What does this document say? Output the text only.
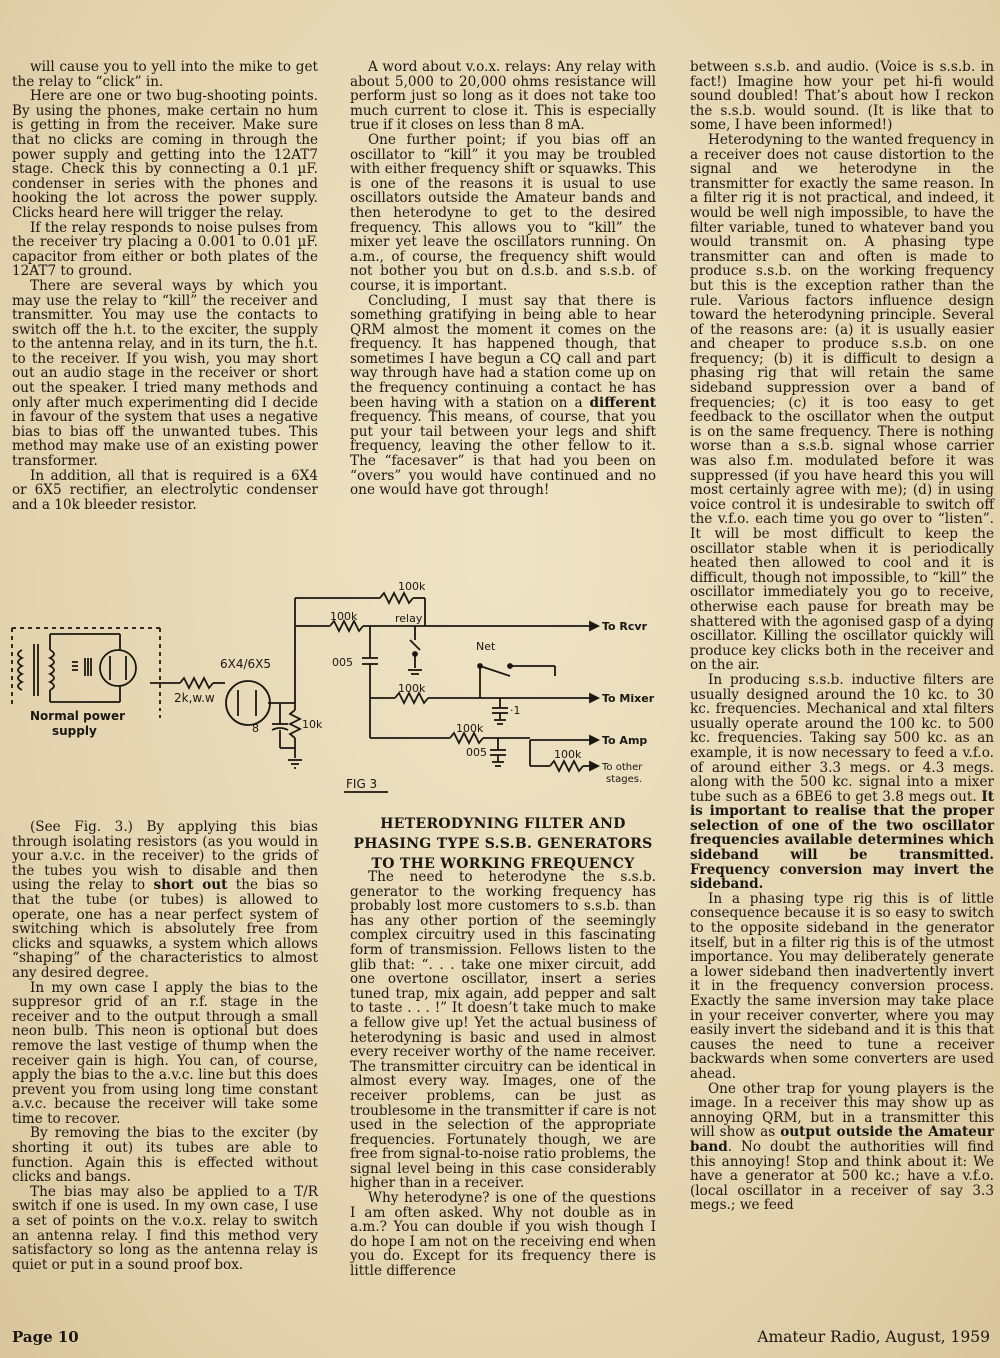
will cause you to yell into the mike to get the relay to “click” in.

Here are one or two bug-shooting points. By using the phones, make certain no hum is getting in from the receiver. Make sure that no clicks are coming in through the power supply and getting into the 12AT7 stage. Check this by connecting a 0.1 µF. condenser in series with the phones and hooking the lot across the power supply. Clicks heard here will trigger the relay.

If the relay responds to noise pulses from the receiver try placing a 0.001 to 0.01 µF. capacitor from either or both plates of the 12AT7 to ground.

There are several ways by which you may use the relay to “kill” the receiver and transmitter. You may use the contacts to switch off the h.t. to the exciter, the supply to the antenna relay, and in its turn, the h.t. to the receiver. If you wish, you may short out an audio stage in the receiver or short out the speaker. I tried many methods and only after much experimenting did I decide in favour of the system that uses a negative bias to bias off the unwanted tubes. This method may make use of an existing power transformer.

In addition, all that is required is a 6X4 or 6X5 rectifier, an electrolytic condenser and a 10k bleeder resistor.

A word about v.o.x. relays: Any relay with about 5,000 to 20,000 ohms resistance will perform just so long as it does not take too much current to close it. This is especially true if it closes on less than 8 mA.

One further point; if you bias off an oscillator to “kill” it you may be troubled with either frequency shift or squawks. This is one of the reasons it is usual to use oscillators outside the Amateur bands and then heterodyne to get to the desired frequency. This allows you to “kill” the mixer yet leave the oscillators running. On a.m., of course, the frequency shift would not bother you but on d.s.b. and s.s.b. of course, it is important.

Concluding, I must say that there is something gratifying in being able to hear QRM almost the moment it comes on the frequency. It has happened though, that sometimes I have begun a CQ call and part way through have had a station come up on the frequency continuing a contact he has been having with a station on a different frequency. This means, of course, that you put your tail between your legs and shift frequency, leaving the other fellow to it. The “facesaver” is that had you been on “overs” you would have continued and no one would have got through!

between s.s.b. and audio. (Voice is s.s.b. in fact!) Imagine how your pet hi-fi would sound doubled! That’s about how I reckon the s.s.b. would sound. (It is like that to some, I have been informed!)

Heterodyning to the wanted frequency in a receiver does not cause distortion to the signal and we heterodyne in the transmitter for exactly the same reason. In a filter rig it is not practical, and indeed, it would be well nigh impossible, to have the filter variable, tuned to whatever band you would transmit on. A phasing type transmitter can and often is made to produce s.s.b. on the working frequency but this is the exception rather than the rule. Various factors influence design toward the heterodyning principle. Several of the reasons are: (a) it is usually easier and cheaper to produce s.s.b. on one frequency; (b) it is difficult to design a phasing rig that will retain the same sideband suppression over a band of frequencies; (c) it is too easy to get feedback to the oscillator when the output is on the same frequency. There is nothing worse than a s.s.b. signal whose carrier was also f.m. modulated before it was suppressed (if you have heard this you will most certainly agree with me); (d) in using voice control it is undesirable to switch off the v.f.o. each time you go over to “listen”. It will be most difficult to keep the oscillator stable when it is periodically heated then allowed to cool and it is difficult, though not impossible, to “kill” the oscillator immediately you go to receive, otherwise each pause for breath may be shattered with the agonised gasp of a dying oscillator. Killing the oscillator quickly will produce key clicks both in the receiver and on the air.

In producing s.s.b. inductive filters are usually designed around the 10 kc. to 30 kc. frequencies. Mechanical and xtal filters usually operate around the 100 kc. to 500 kc. frequencies. Taking say 500 kc. as an example, it is now necessary to feed a v.f.o. of around either 3.3 megs. or 4.3 megs. along with the 500 kc. signal into a mixer tube such as a 6BE6 to get 3.8 megs out. It is important to realise that the proper selection of one of the two oscillator frequencies available determines which sideband will be transmitted. Frequency conversion may invert the sideband.

In a phasing type rig this is of little consequence because it is so easy to switch to the opposite sideband in the generator itself, but in a filter rig this is of the utmost importance. You may deliberately generate a lower sideband then inadvertently invert it in the frequency conversion process. Exactly the same inversion may take place in your receiver converter, where you may easily invert the sideband and it is this that causes the need to tune a receiver backwards when some converters are used ahead.

One other trap for young players is the image. In a receiver this may show up as annoying QRM, but in a transmitter this will show as output outside the Amateur band. No doubt the authorities will find this annoying! Stop and think about it: We have a generator at 500 kc.; have a v.f.o. (local oscillator in a receiver of say 3.3 megs.; we feed

Normal power
supply
6X4/6X5
2k,w.w
8	10k
100k
100k	relay
005
Net
100k
·1
100k
005	100k
To Rcvr
To Mixer
To Amp
To other
stages.
FIG 3

(See Fig. 3.) By applying this bias through isolating resistors (as you would in your a.v.c. in the receiver) to the grids of the tubes you wish to disable and then using the relay to short out the bias so that the tube (or tubes) is allowed to operate, one has a near perfect system of switching which is absolutely free from clicks and squawks, a system which allows “shaping” of the characteristics to almost any desired degree.

In my own case I apply the bias to the suppresor grid of an r.f. stage in the receiver and to the output through a small neon bulb. This neon is optional but does remove the last vestige of thump when the receiver gain is high. You can, of course, apply the bias to the a.v.c. line but this does prevent you from using long time constant a.v.c. because the receiver will take some time to recover.

By removing the bias to the exciter (by shorting it out) its tubes are able to function. Again this is effected without clicks and bangs.

The bias may also be applied to a T/R switch if one is used. In my own case, I use a set of points on the v.o.x. relay to switch an antenna relay. I find this method very satisfactory so long as the antenna relay is quiet or put in a sound proof box.

HETERODYNING FILTER AND
PHASING TYPE S.S.B. GENERATORS
TO THE WORKING FREQUENCY

The need to heterodyne the s.s.b. generator to the working frequency has probably lost more customers to s.s.b. than has any other portion of the seemingly complex circuitry used in this fascinating form of transmission. Fellows listen to the glib that: “. . . take one mixer circuit, add one overtone oscillator, insert a series tuned trap, mix again, add pepper and salt to taste . . . !” It doesn’t take much to make a fellow give up! Yet the actual business of heterodyning is basic and used in almost every receiver worthy of the name receiver. The transmitter circuitry can be identical in almost every way. Images, one of the receiver problems, can be just as troublesome in the transmitter if care is not used in the selection of the appropriate frequencies. Fortunately though, we are free from signal-to-noise ratio problems, the signal level being in this case considerably higher than in a receiver.

Why heterodyne? is one of the questions I am often asked. Why not double as in a.m.? You can double if you wish though I do hope I am not on the receiving end when you do. Except for its frequency there is little difference

Page 10	Amateur Radio, August, 1959
